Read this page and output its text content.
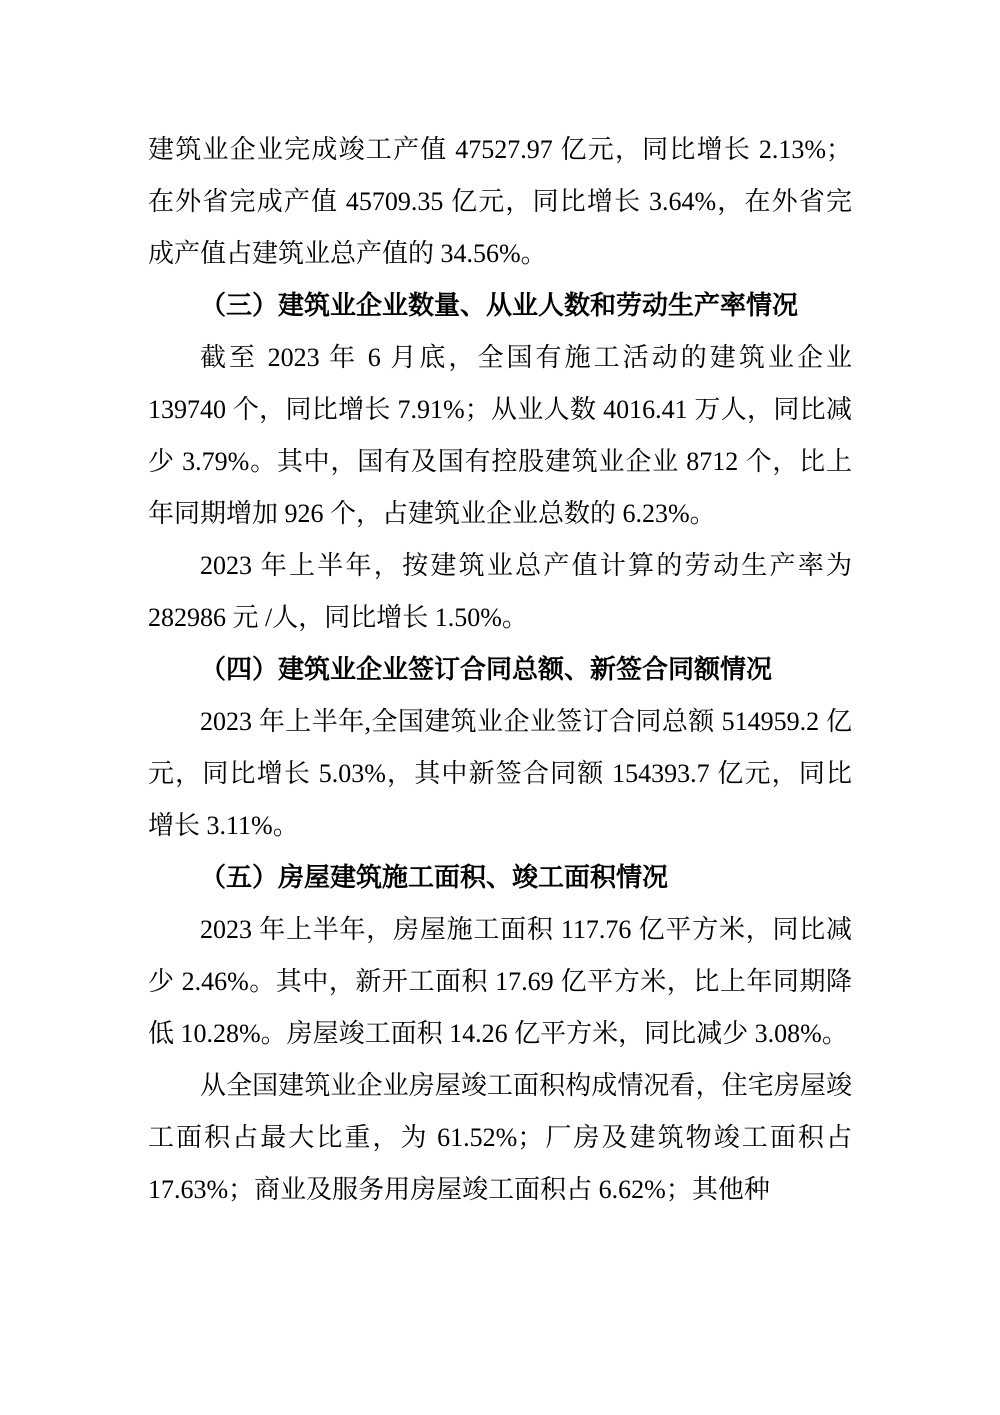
建筑业企业完成竣工产值 47527.97 亿元，同比增长 2.13%；在外省完成产值 45709.35 亿元，同比增长 3.64%，在外省完成产值占建筑业总产值的 34.56%。

（三）建筑业企业数量、从业人数和劳动生产率情况

截至 2023 年 6 月底，全国有施工活动的建筑业企业 139740 个，同比增长 7.91%；从业人数 4016.41 万人，同比减少 3.79%。其中，国有及国有控股建筑业企业 8712 个，比上年同期增加 926 个，占建筑业企业总数的 6.23%。

2023 年上半年，按建筑业总产值计算的劳动生产率为 282986 元 /人，同比增长 1.50%。

（四）建筑业企业签订合同总额、新签合同额情况

2023 年上半年,全国建筑业企业签订合同总额 514959.2 亿元，同比增长 5.03%，其中新签合同额 154393.7 亿元，同比增长 3.11%。

（五）房屋建筑施工面积、竣工面积情况

2023 年上半年，房屋施工面积 117.76 亿平方米，同比减少 2.46%。其中，新开工面积 17.69 亿平方米，比上年同期降低 10.28%。房屋竣工面积 14.26 亿平方米，同比减少 3.08%。

从全国建筑业企业房屋竣工面积构成情况看，住宅房屋竣工面积占最大比重，为 61.52%；厂房及建筑物竣工面积占 17.63%；商业及服务用房屋竣工面积占 6.62%；其他种
